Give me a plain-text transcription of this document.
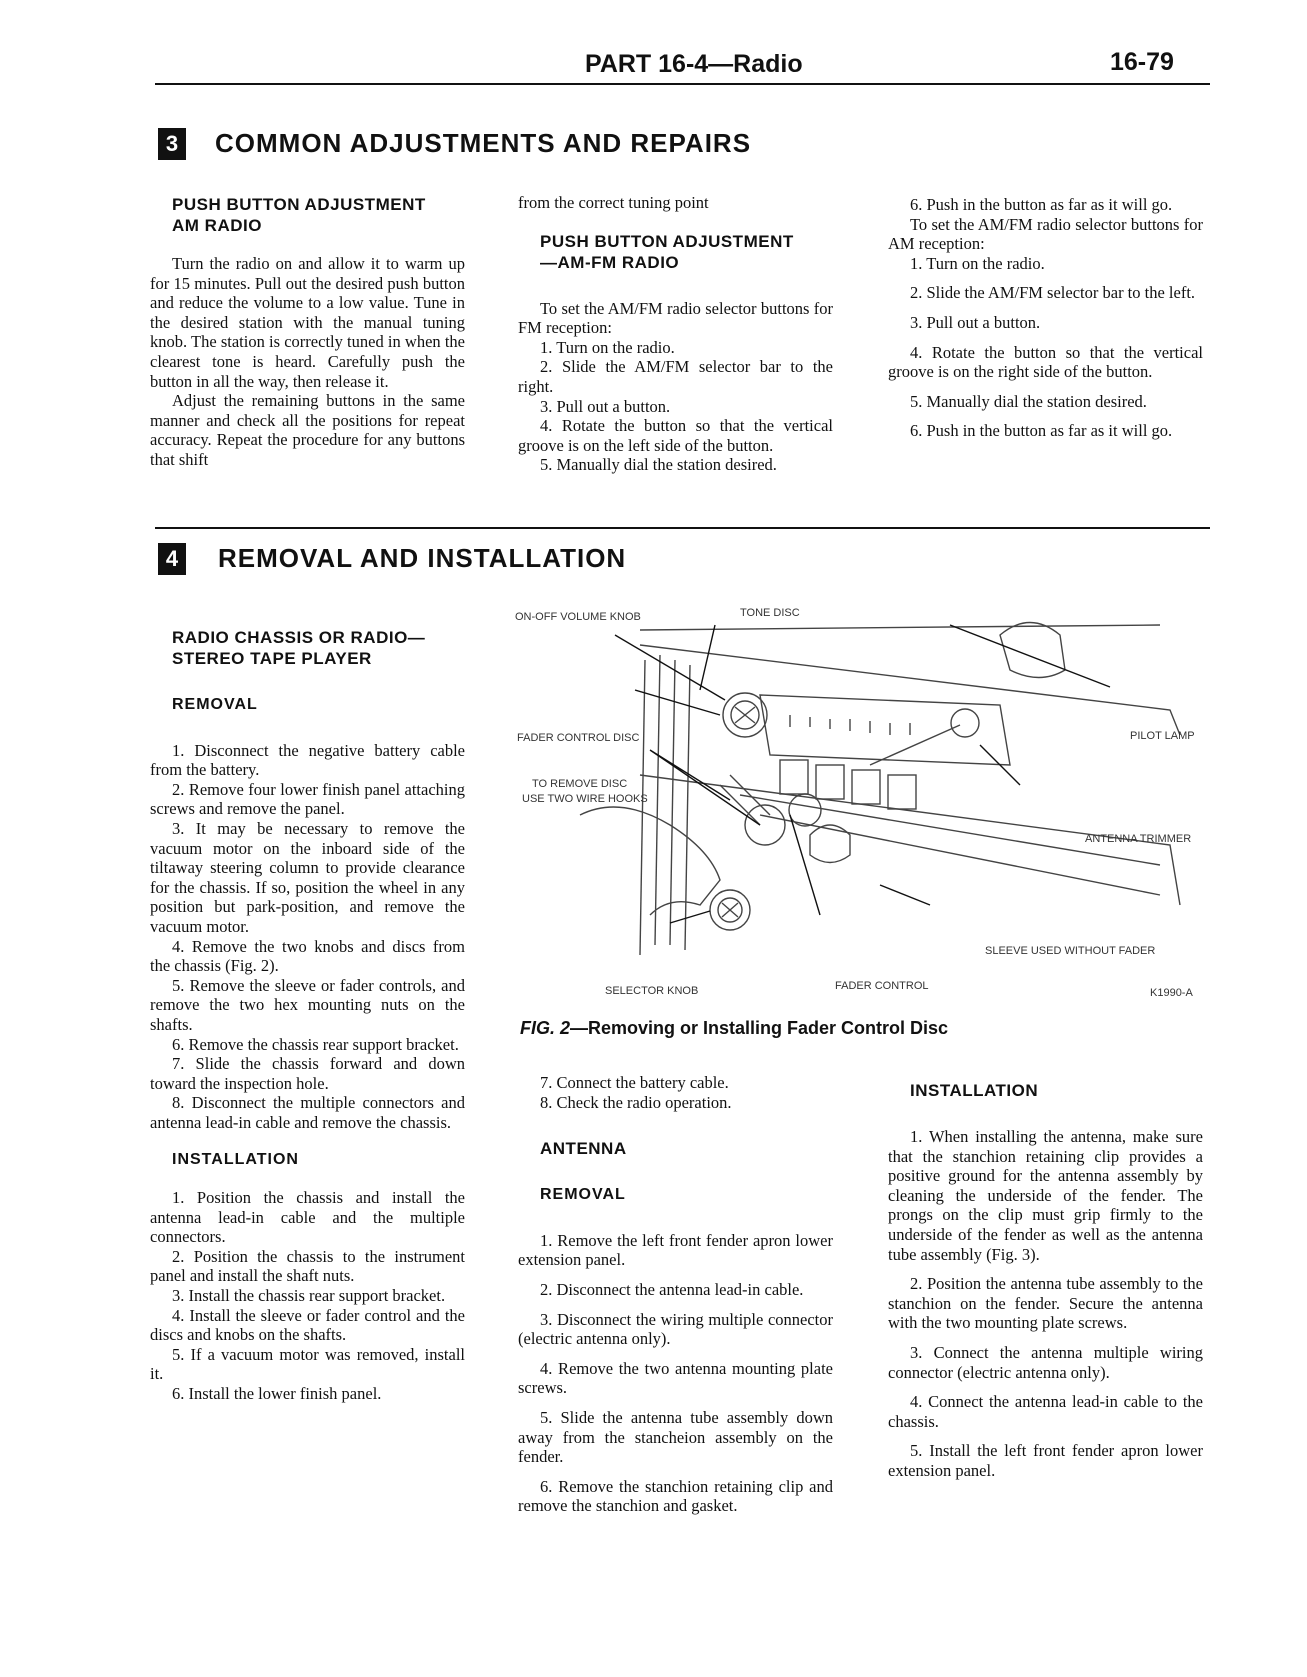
PART 16-4—Radio	16-79
3	COMMON ADJUSTMENTS AND REPAIRS

PUSH BUTTON ADJUSTMENT

AM RADIO

Turn the radio on and allow it to warm up for 15 minutes. Pull out the desired push button and reduce the volume to a low value. Tune in the desired station with the manual tuning knob. The station is correctly tuned in when the clearest tone is heard. Carefully push the button in all the way, then release it.

Adjust the remaining buttons in the same manner and check all the positions for repeat accuracy. Repeat the procedure for any buttons that shift

from the correct tuning point

PUSH BUTTON ADJUSTMENT

—AM-FM RADIO

To set the AM/FM radio selector buttons for FM reception:

1. Turn on the radio.

2. Slide the AM/FM selector bar to the right.

3. Pull out a button.

4. Rotate the button so that the vertical groove is on the left side of the button.

5. Manually dial the station desired.

6. Push in the button as far as it will go.

To set the AM/FM radio selector buttons for AM reception:

1. Turn on the radio.

2. Slide the AM/FM selector bar to the left.

3. Pull out a button.

4. Rotate the button so that the vertical groove is on the right side of the button.

5. Manually dial the station desired.

6. Push in the button as far as it will go.

4	REMOVAL AND INSTALLATION

RADIO CHASSIS OR RADIO—

STEREO TAPE PLAYER

REMOVAL

1. Disconnect the negative battery cable from the battery.

2. Remove four lower finish panel attaching screws and remove the panel.

3. It may be necessary to remove the vacuum motor on the inboard side of the tiltaway steering column to provide clearance for the chassis. If so, position the wheel in any position but park-position, and remove the vacuum motor.

4. Remove the two knobs and discs from the chassis (Fig. 2).

5. Remove the sleeve or fader controls, and remove the two hex mounting nuts on the shafts.

6. Remove the chassis rear support bracket.

7. Slide the chassis forward and down toward the inspection hole.

8. Disconnect the multiple connectors and antenna lead-in cable and remove the chassis.

INSTALLATION

1. Position the chassis and install the antenna lead-in cable and the multiple connectors.

2. Position the chassis to the instrument panel and install the shaft nuts.

3. Install the chassis rear support bracket.

4. Install the sleeve or fader control and the discs and knobs on the shafts.

5. If a vacuum motor was removed, install it.

6. Install the lower finish panel.

ON-OFF VOLUME KNOB	TONE DISC
PILOT LAMP
FADER CONTROL DISC
TO REMOVE DISC
USE TWO WIRE HOOKS
ANTENNA TRIMMER
SLEEVE USED WITHOUT FADER
SELECTOR KNOB	FADER CONTROL
K1990-A
FIG. 2—Removing or Installing Fader Control Disc

7. Connect the battery cable.

8. Check the radio operation.

ANTENNA

REMOVAL

1. Remove the left front fender apron lower extension panel.

2. Disconnect the antenna lead-in cable.

3. Disconnect the wiring multiple connector (electric antenna only).

4. Remove the two antenna mounting plate screws.

5. Slide the antenna tube assembly down away from the stancheion assembly on the fender.

6. Remove the stanchion retaining clip and remove the stanchion and gasket.

INSTALLATION

1. When installing the antenna, make sure that the stanchion retaining clip provides a positive ground for the antenna assembly by cleaning the underside of the fender. The prongs on the clip must grip firmly to the underside of the fender as well as the antenna tube assembly (Fig. 3).

2. Position the antenna tube assembly to the stanchion on the fender. Secure the antenna with the two mounting plate screws.

3. Connect the antenna multiple wiring connector (electric antenna only).

4. Connect the antenna lead-in cable to the chassis.

5. Install the left front fender apron lower extension panel.
